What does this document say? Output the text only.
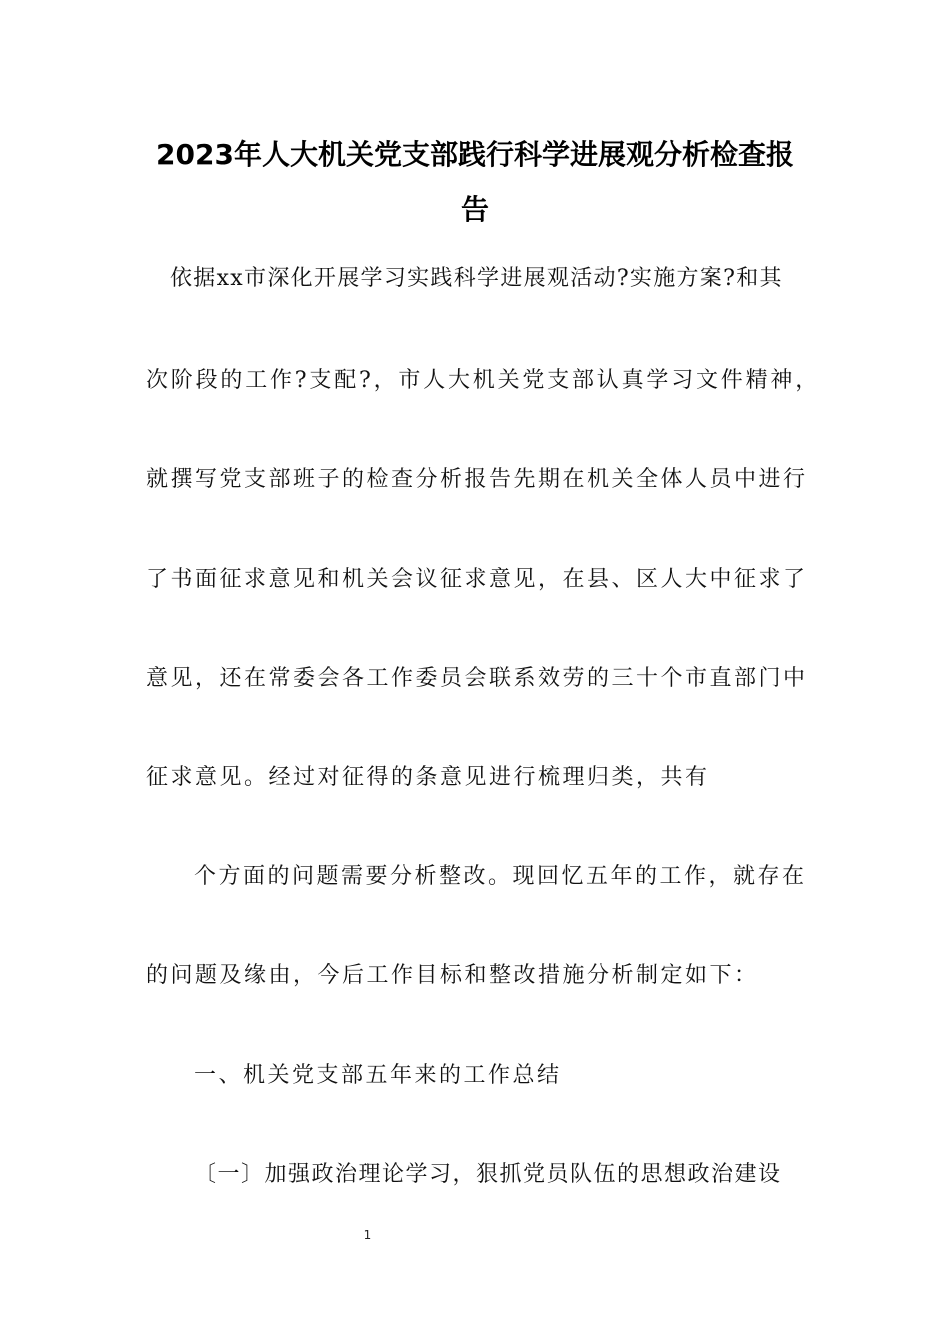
2023年人大机关党支部践行科学进展观分析检查报
告
依据xx市深化开展学习实践科学进展观活动?实施方案?和其
次阶段的工作?支配?，市人大机关党支部认真学习文件精神，
就撰写党支部班子的检查分析报告先期在机关全体人员中进行
了书面征求意见和机关会议征求意见，在县、区人大中征求了
意见，还在常委会各工作委员会联系效劳的三十个市直部门中
征求意见。经过对征得的条意见进行梳理归类，共有
个方面的问题需要分析整改。现回忆五年的工作，就存在
的问题及缘由，今后工作目标和整改措施分析制定如下：
一、机关党支部五年来的工作总结
〔一〕加强政治理论学习，狠抓党员队伍的思想政治建设
1
